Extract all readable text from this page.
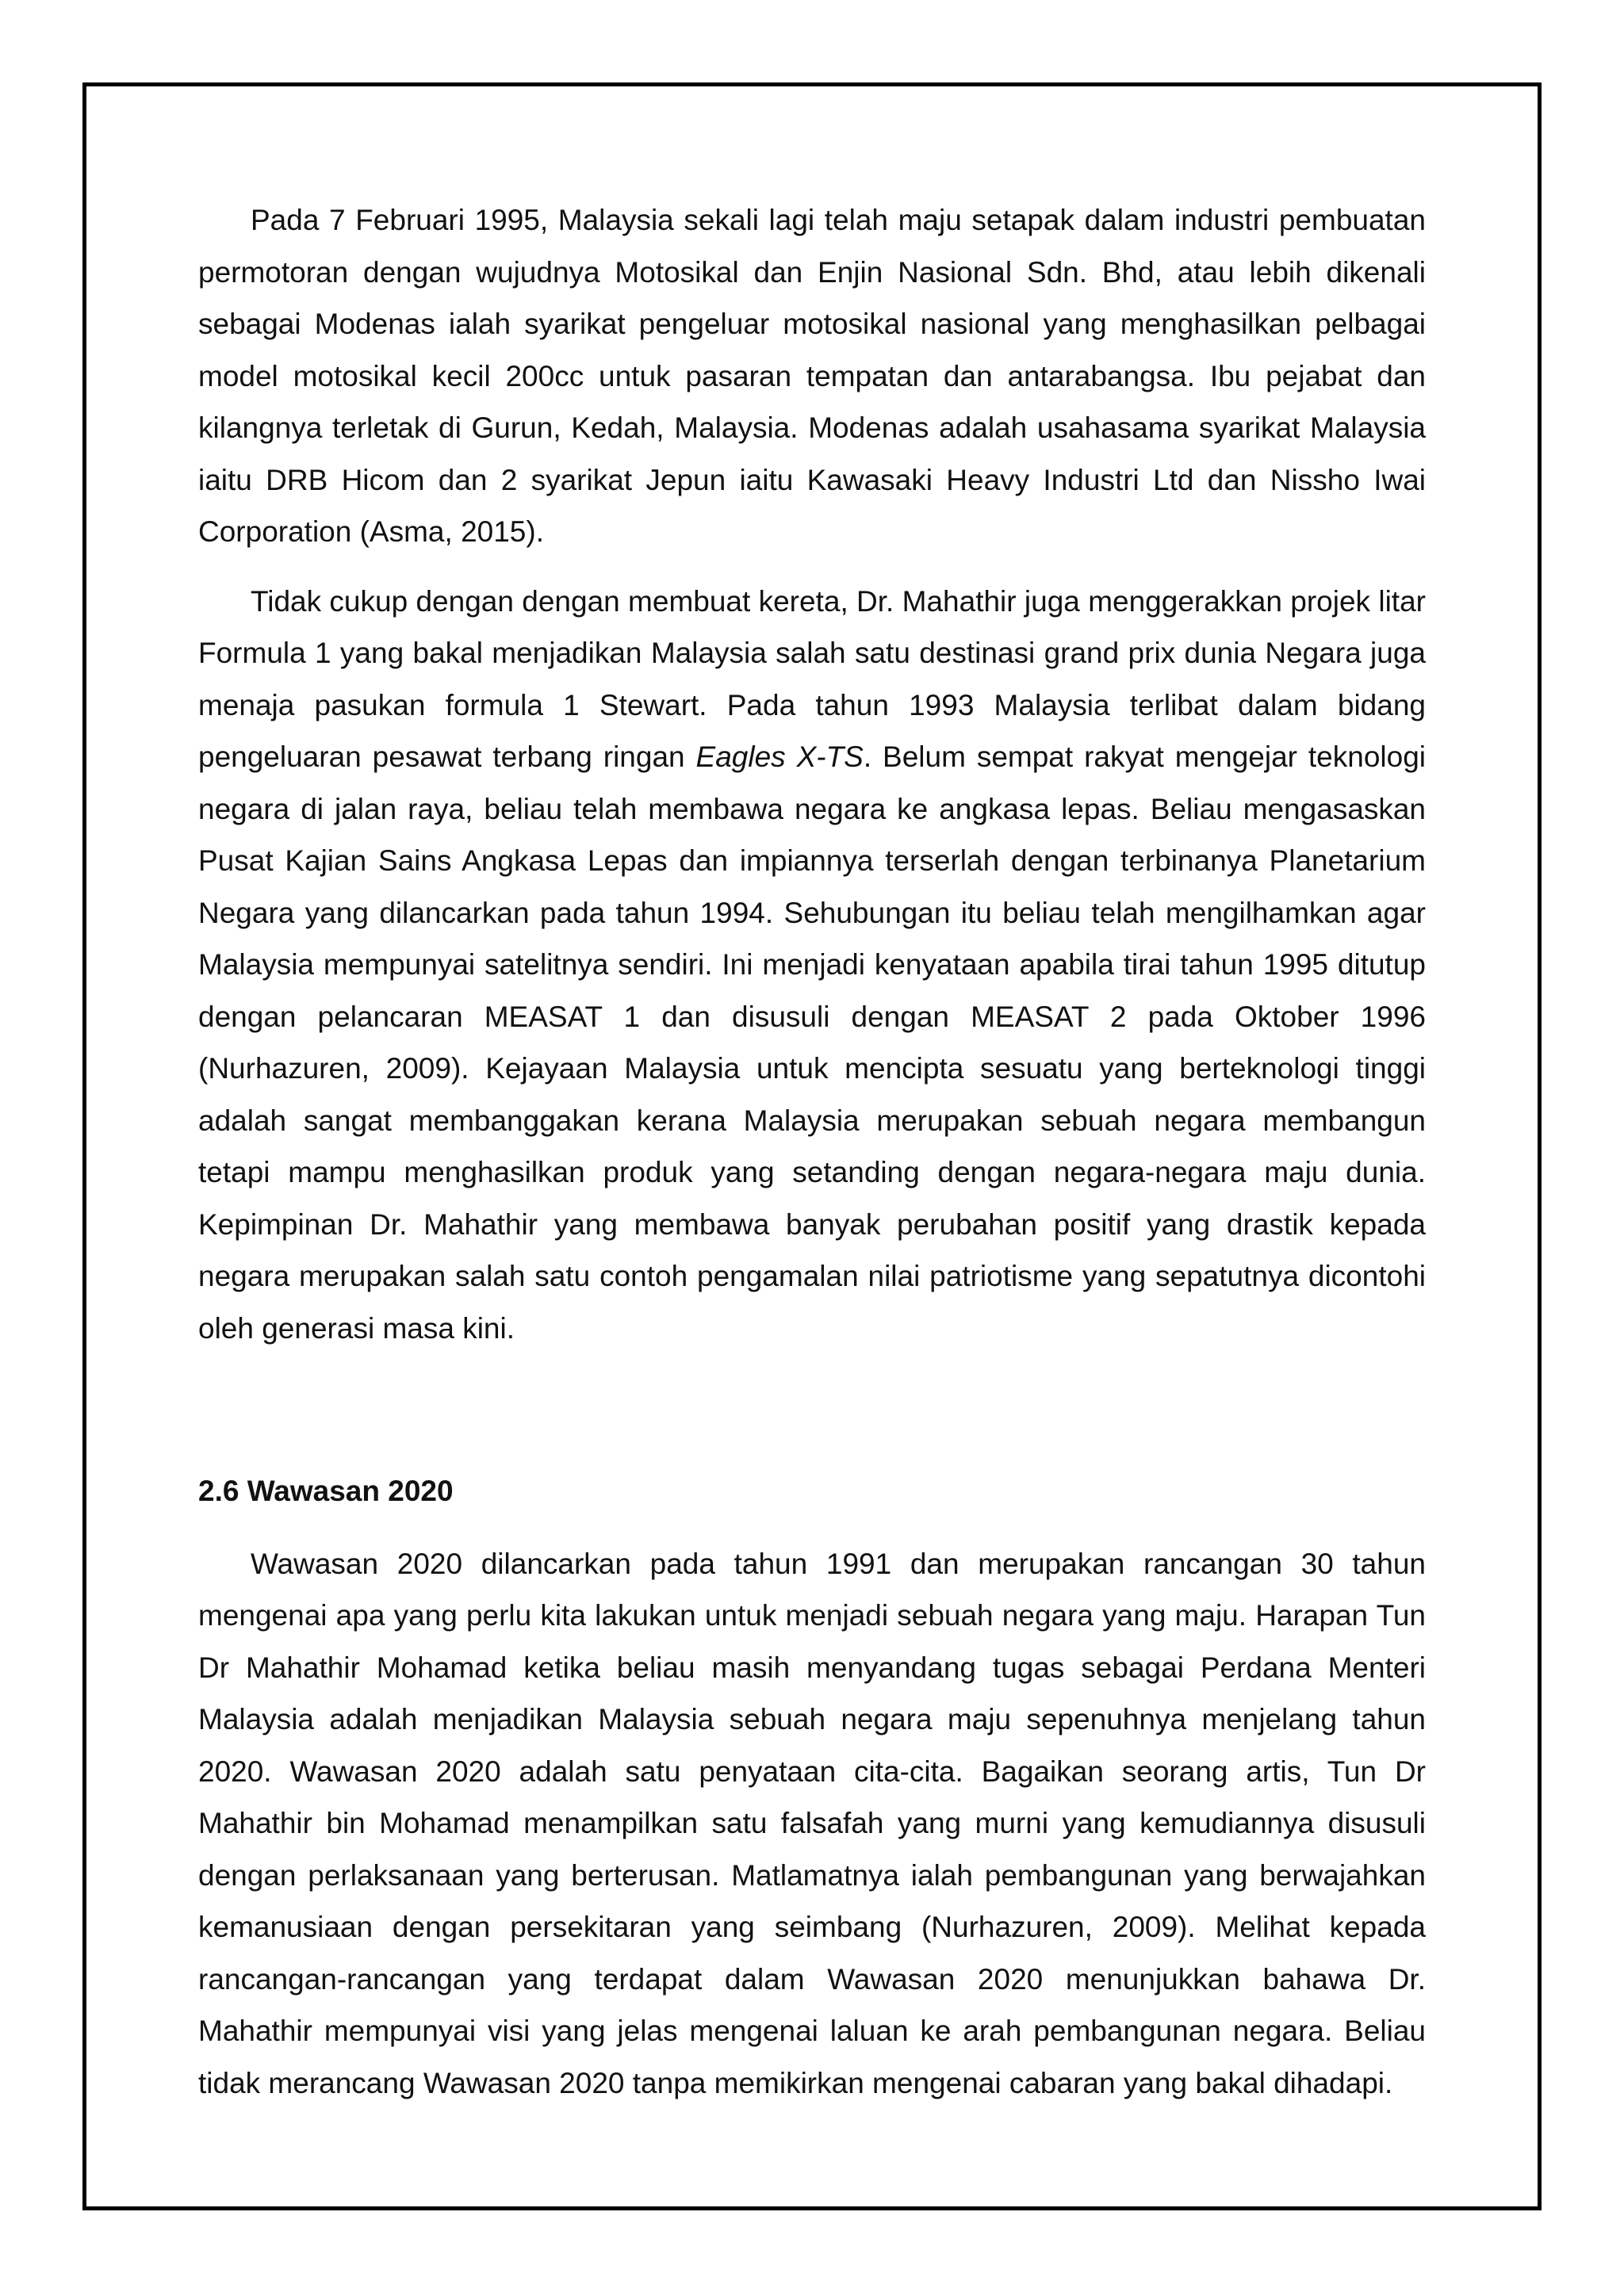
Pada 7 Februari 1995, Malaysia sekali lagi telah maju setapak dalam industri pembuatan permotoran dengan wujudnya Motosikal dan Enjin Nasional Sdn. Bhd, atau lebih dikenali sebagai Modenas ialah syarikat pengeluar motosikal nasional yang menghasilkan pelbagai model motosikal kecil 200cc untuk pasaran tempatan dan antarabangsa. Ibu pejabat dan kilangnya terletak di Gurun, Kedah, Malaysia. Modenas adalah usahasama syarikat Malaysia iaitu DRB Hicom dan 2 syarikat Jepun iaitu Kawasaki Heavy Industri Ltd dan Nissho Iwai Corporation (Asma, 2015).

Tidak cukup dengan dengan membuat kereta, Dr. Mahathir juga menggerakkan projek litar Formula 1 yang bakal menjadikan Malaysia salah satu destinasi grand prix dunia Negara juga menaja pasukan formula 1 Stewart. Pada tahun 1993 Malaysia terlibat dalam bidang pengeluaran pesawat terbang ringan Eagles X-TS. Belum sempat rakyat mengejar teknologi negara di jalan raya, beliau telah membawa negara ke angkasa lepas. Beliau mengasaskan Pusat Kajian Sains Angkasa Lepas dan impiannya terserlah dengan terbinanya Planetarium Negara yang dilancarkan pada tahun 1994. Sehubungan itu beliau telah mengilhamkan agar Malaysia mempunyai satelitnya sendiri. Ini menjadi kenyataan apabila tirai tahun 1995 ditutup dengan pelancaran MEASAT 1 dan disusuli dengan MEASAT 2 pada Oktober 1996 (Nurhazuren, 2009). Kejayaan Malaysia untuk mencipta sesuatu yang berteknologi tinggi adalah sangat membanggakan kerana Malaysia merupakan sebuah negara membangun tetapi mampu menghasilkan produk yang setanding dengan negara-negara maju dunia. Kepimpinan Dr. Mahathir yang membawa banyak perubahan positif yang drastik kepada negara merupakan salah satu contoh pengamalan nilai patriotisme yang sepatutnya dicontohi oleh generasi masa kini.

2.6 Wawasan 2020

Wawasan 2020 dilancarkan pada tahun 1991 dan merupakan rancangan 30 tahun mengenai apa yang perlu kita lakukan untuk menjadi sebuah negara yang maju. Harapan Tun Dr Mahathir Mohamad ketika beliau masih menyandang tugas sebagai Perdana Menteri Malaysia adalah menjadikan Malaysia sebuah negara maju sepenuhnya menjelang tahun 2020. Wawasan 2020 adalah satu penyataan cita-cita. Bagaikan seorang artis, Tun Dr Mahathir bin Mohamad menampilkan satu falsafah yang murni yang kemudiannya disusuli dengan perlaksanaan yang berterusan. Matlamatnya ialah pembangunan yang berwajahkan kemanusiaan dengan persekitaran yang seimbang (Nurhazuren, 2009). Melihat kepada rancangan-rancangan yang terdapat dalam Wawasan 2020 menunjukkan bahawa Dr. Mahathir mempunyai visi yang jelas mengenai laluan ke arah pembangunan negara. Beliau tidak merancang Wawasan 2020 tanpa memikirkan mengenai cabaran yang bakal dihadapi.
